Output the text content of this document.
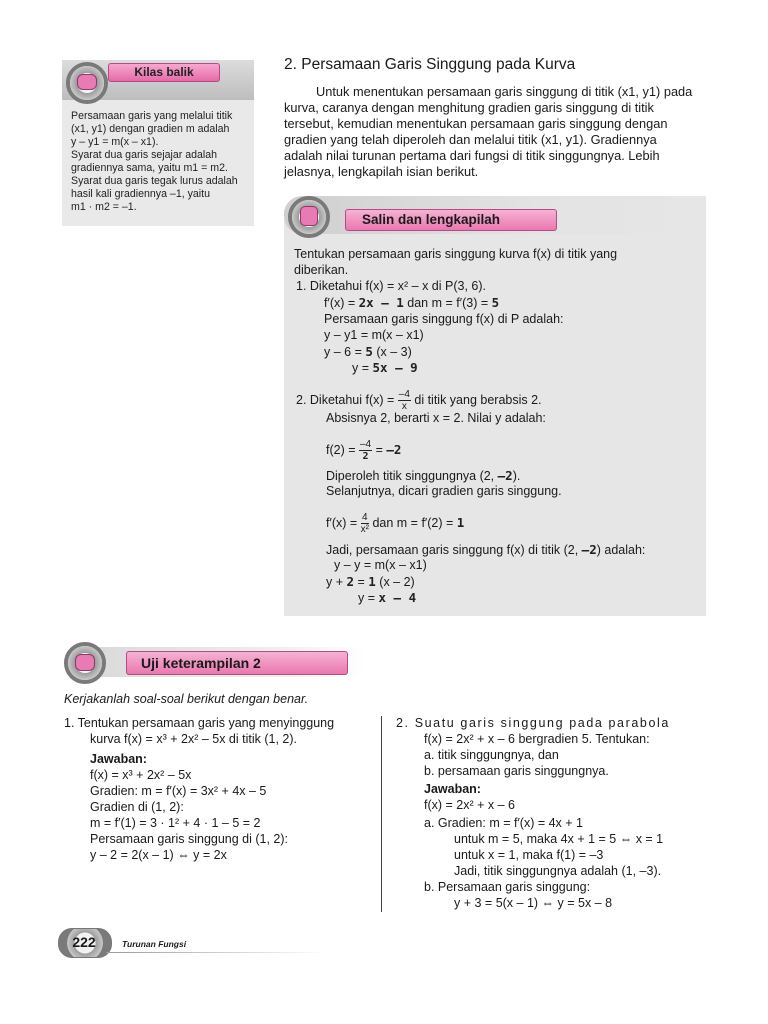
Kilas balik
Persamaan garis yang melalui titik
(x1, y1) dengan gradien m adalah
y – y1 = m(x – x1).
Syarat dua garis sejajar adalah
gradiennya sama, yaitu m1 = m2.
Syarat dua garis tegak lurus adalah
hasil kali gradiennya –1, yaitu
m1 · m2 = –1.
2. Persamaan Garis Singgung pada Kurva
Untuk menentukan persamaan garis singgung di titik (x1, y1) pada
kurva, caranya dengan menghitung gradien garis singgung di titik
tersebut, kemudian menentukan persamaan garis singgung dengan
gradien yang telah diperoleh dan melalui titik (x1, y1). Gradiennya
adalah nilai turunan pertama dari fungsi di titik singgungnya. Lebih
jelasnya, lengkapilah isian berikut.
Salin dan lengkapilah
Tentukan persamaan garis singgung kurva f(x) di titik yang
diberikan.
1. Diketahui f(x) = x² – x di P(3, 6).
f′(x) = 2x – 1 dan m = f′(3) = 5
Persamaan garis singgung f(x) di P adalah:
y – y1 = m(x – x1)
y – 6 = 5 (x – 3)
y = 5x – 9
2. Diketahui $f(x) = \frac{-4}{x}$ di titik yang berabsis 2.
Absisnya 2, berarti x = 2. Nilai y adalah:
$f(2) = \frac{-4}{2} = -2$
Diperoleh titik singgungnya (2, –2).
Selanjutnya, dicari gradien garis singgung.
$f'(x) = \frac{4}{\text{x²}}$ dan m = f′(2) = 1
Jadi, persamaan garis singgung f(x) di titik (2, –2) adalah:
y – y = m(x – x1)
y + 2 = 1 (x – 2)
y = x – 4
Uji keterampilan 2
Kerjakanlah soal-soal berikut dengan benar.
1. Tentukan persamaan garis yang menyinggung
kurva f(x) = x³ + 2x² – 5x di titik (1, 2).
Jawaban:
f(x) = x³ + 2x² – 5x
Gradien: m = f′(x) = 3x² + 4x – 5
Gradien di (1, 2):
m = f′(1) = 3 · 1² + 4 · 1 – 5 = 2
Persamaan garis singgung di (1, 2):
y – 2 = 2(x – 1) ⇔ y = 2x
2. Suatu garis singgung pada parabola
f(x) = 2x² + x – 6 bergradien 5. Tentukan:
a. titik singgungnya, dan
b. persamaan garis singgungnya.
Jawaban:
f(x) = 2x² + x – 6
a. Gradien: m = f′(x) = 4x + 1
untuk m = 5, maka 4x + 1 = 5 ⇔ x = 1
untuk x = 1, maka f(1) = –3
Jadi, titik singgungnya adalah (1, –3).
b. Persamaan garis singgung:
y + 3 = 5(x – 1) ⇔ y = 5x – 8
222	Turunan Fungsi
